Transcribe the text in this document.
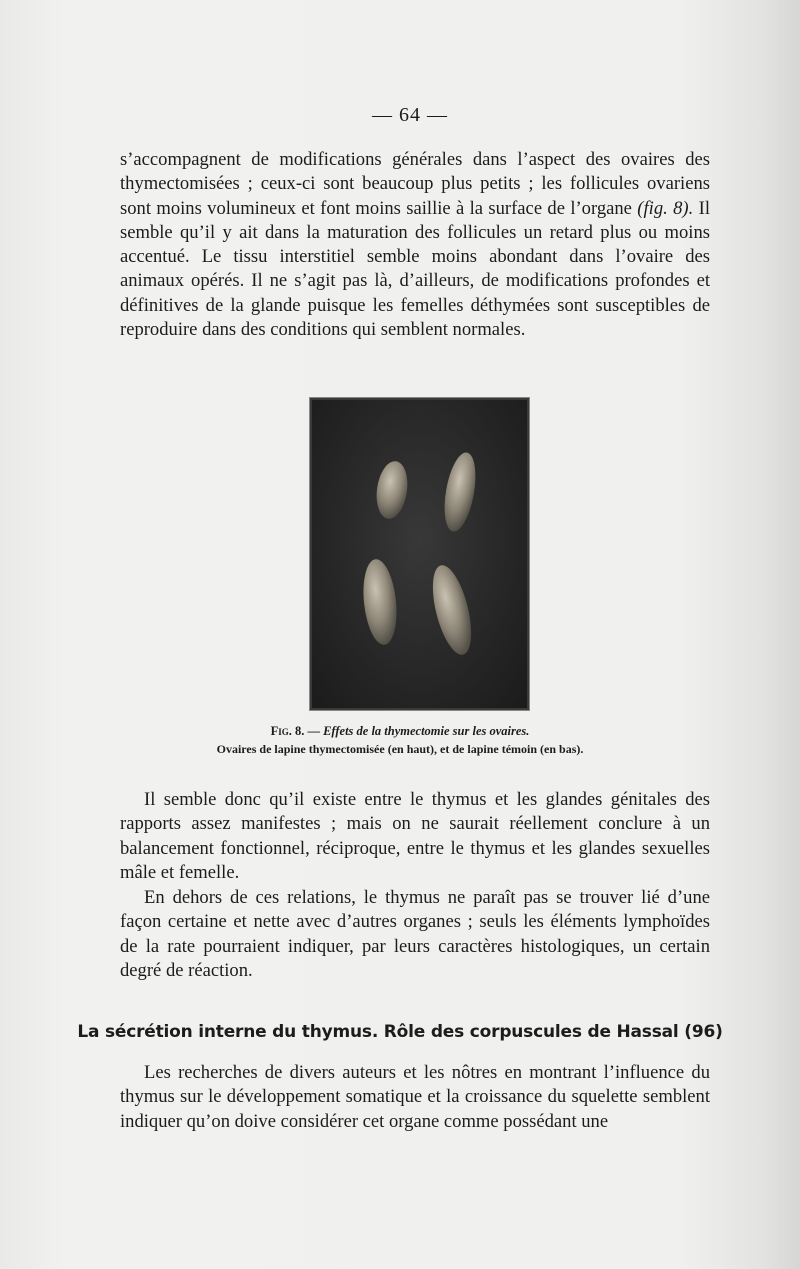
— 64 —

s’accompagnent de modifications générales dans l’aspect des ovaires des thymectomisées ; ceux-ci sont beaucoup plus petits ; les follicules ovariens sont moins volumineux et font moins saillie à la surface de l’organe (fig. 8). Il semble qu’il y ait dans la maturation des follicules un retard plus ou moins accentué. Le tissu interstitiel semble moins abondant dans l’ovaire des animaux opérés. Il ne s’agit pas là, d’ailleurs, de modifications profondes et définitives de la glande puisque les femelles déthymées sont susceptibles de reproduire dans des conditions qui semblent normales.

Fig. 8. — Effets de la thymectomie sur les ovaires.
Ovaires de lapine thymectomisée (en haut), et de lapine témoin (en bas).

Il semble donc qu’il existe entre le thymus et les glandes génitales des rapports assez manifestes ; mais on ne saurait réellement conclure à un balancement fonctionnel, réciproque, entre le thymus et les glandes sexuelles mâle et femelle.

En dehors de ces relations, le thymus ne paraît pas se trouver lié d’une façon certaine et nette avec d’autres organes ; seuls les éléments lymphoïdes de la rate pourraient indiquer, par leurs caractères histologiques, un certain degré de réaction.

La sécrétion interne du thymus. Rôle des corpuscules de Hassal (96)

Les recherches de divers auteurs et les nôtres en montrant l’influence du thymus sur le développement somatique et la croissance du squelette semblent indiquer qu’on doive considérer cet organe comme possédant une
